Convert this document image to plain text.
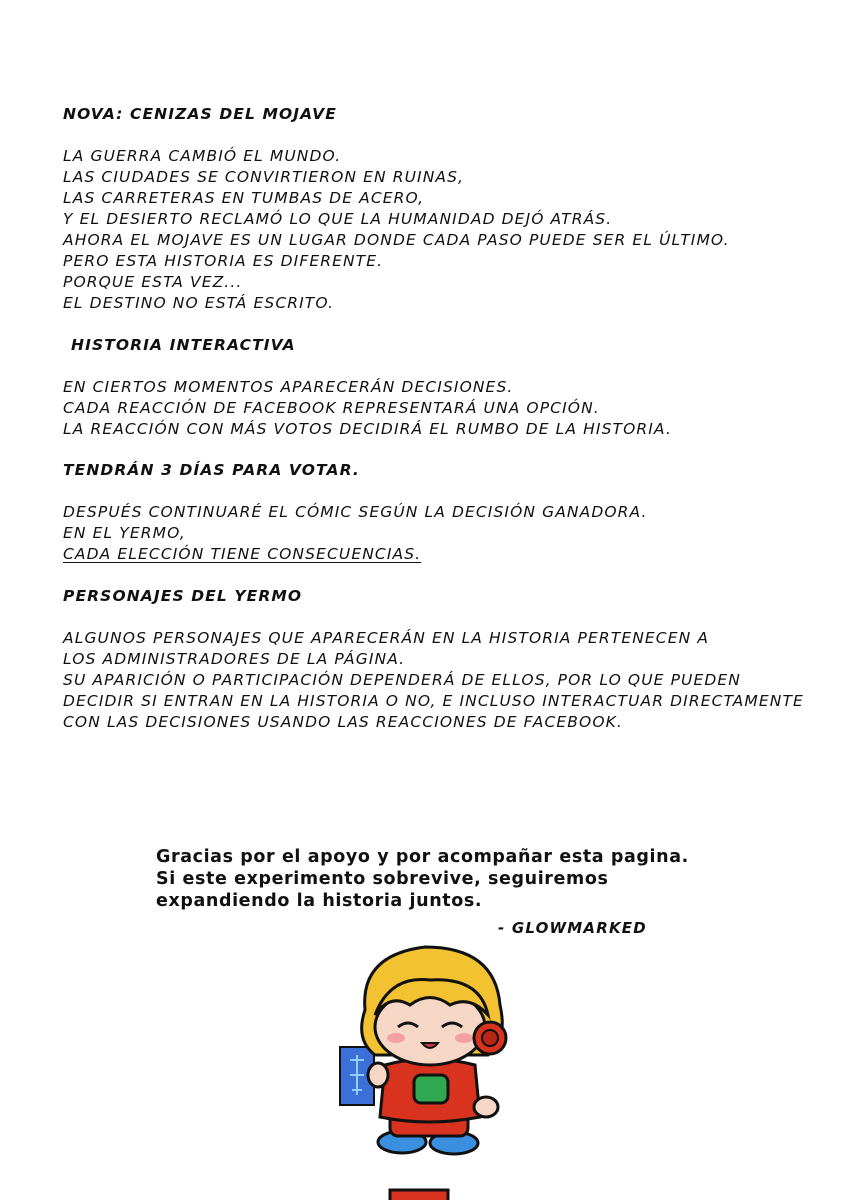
NOVA: CENIZAS DEL MOJAVE
LA GUERRA CAMBIÓ EL MUNDO.
LAS CIUDADES SE CONVIRTIERON EN RUINAS,
LAS CARRETERAS EN TUMBAS DE ACERO,
Y EL DESIERTO RECLAMÓ LO QUE LA HUMANIDAD DEJÓ ATRÁS.
AHORA EL MOJAVE ES UN LUGAR DONDE CADA PASO PUEDE SER EL ÚLTIMO.
PERO ESTA HISTORIA ES DIFERENTE.
PORQUE ESTA VEZ...
EL DESTINO NO ESTÁ ESCRITO.
HISTORIA INTERACTIVA
EN CIERTOS MOMENTOS APARECERÁN DECISIONES.
CADA REACCIÓN DE FACEBOOK REPRESENTARÁ UNA OPCIÓN.
LA REACCIÓN CON MÁS VOTOS DECIDIRÁ EL RUMBO DE LA HISTORIA.
TENDRÁN 3 DÍAS PARA VOTAR.
DESPUÉS CONTINUARÉ EL CÓMIC SEGÚN LA DECISIÓN GANADORA.
EN EL YERMO,
CADA ELECCIÓN TIENE CONSECUENCIAS.
PERSONAJES DEL YERMO
ALGUNOS PERSONAJES QUE APARECERÁN EN LA HISTORIA PERTENECEN A
LOS ADMINISTRADORES DE LA PÁGINA.
SU APARICIÓN O PARTICIPACIÓN DEPENDERÁ DE ELLOS, POR LO QUE PUEDEN
DECIDIR SI ENTRAN EN LA HISTORIA O NO, E INCLUSO INTERACTUAR DIRECTAMENTE
CON LAS DECISIONES USANDO LAS REACCIONES DE FACEBOOK.
Gracias por el apoyo y por acompañar esta pagina.
Si este experimento sobrevive, seguiremos
expandiendo la historia juntos.
- GLOWMARKED
